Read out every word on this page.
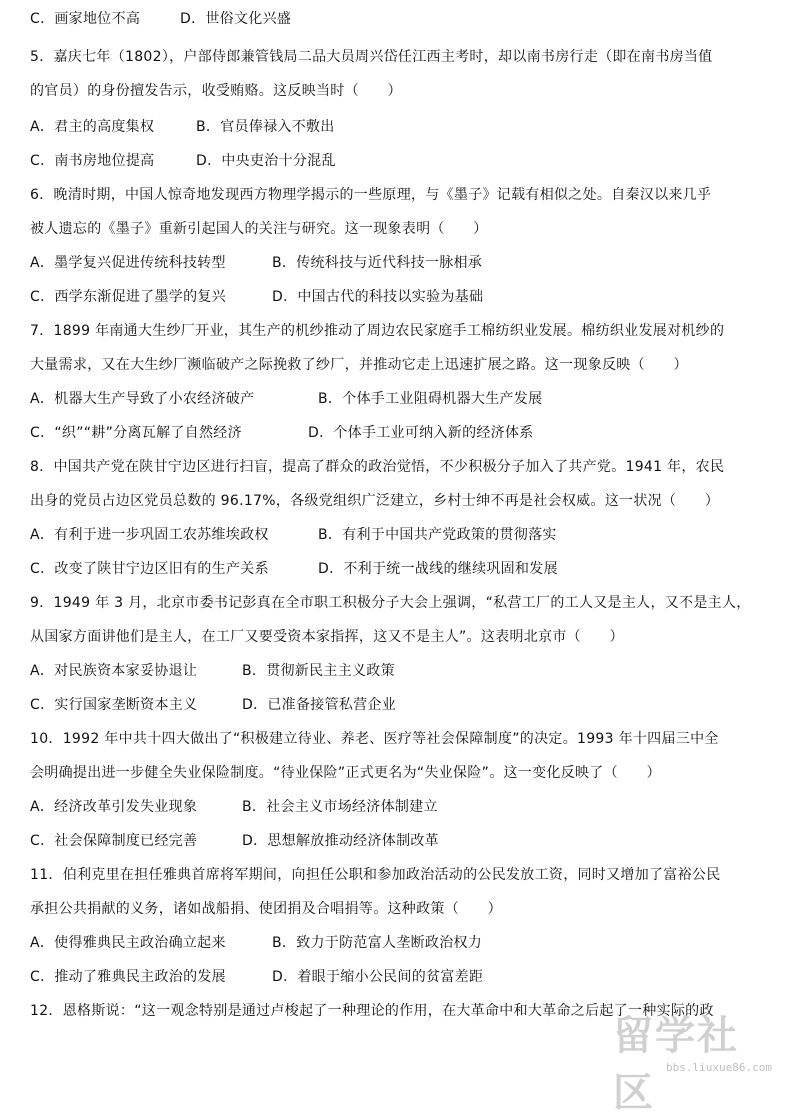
C．画家地位不高	D．世俗文化兴盛
5．嘉庆七年（1802），户部侍郎兼管钱局二品大员周兴岱任江西主考时，却以南书房行走（即在南书房当值
的官员）的身份擅发告示，收受贿赂。这反映当时（　　）
A．君主的高度集权	B．官员俸禄入不敷出
C．南书房地位提高	D．中央吏治十分混乱
6．晚清时期，中国人惊奇地发现西方物理学揭示的一些原理，与《墨子》记载有相似之处。自秦汉以来几乎
被人遗忘的《墨子》重新引起国人的关注与研究。这一现象表明（　　）
A．墨学复兴促进传统科技转型	B．传统科技与近代科技一脉相承
C．西学东渐促进了墨学的复兴	D．中国古代的科技以实验为基础
7．1899 年南通大生纱厂开业，其生产的机纱推动了周边农民家庭手工棉纺织业发展。棉纺织业发展对机纱的
大量需求，又在大生纱厂濒临破产之际挽救了纱厂，并推动它走上迅速扩展之路。这一现象反映（　　）
A．机器大生产导致了小农经济破产	B．个体手工业阻碍机器大生产发展
C．“织”“耕”分离瓦解了自然经济	D．个体手工业可纳入新的经济体系
8．中国共产党在陕甘宁边区进行扫盲，提高了群众的政治觉悟，不少积极分子加入了共产党。1941 年，农民
出身的党员占边区党员总数的 96.17%，各级党组织广泛建立，乡村士绅不再是社会权威。这一状况（　　）
A．有利于进一步巩固工农苏维埃政权	B．有利于中国共产党政策的贯彻落实
C．改变了陕甘宁边区旧有的生产关系	D．不利于统一战线的继续巩固和发展
9．1949 年 3 月，北京市委书记彭真在全市职工积极分子大会上强调，“私营工厂的工人又是主人，又不是主人，
从国家方面讲他们是主人，在工厂又要受资本家指挥，这又不是主人”。这表明北京市（　　）
A．对民族资本家妥协退让	B．贯彻新民主主义政策
C．实行国家垄断资本主义	D．已准备接管私营企业
10．1992 年中共十四大做出了“积极建立待业、养老、医疗等社会保障制度”的决定。1993 年十四届三中全
会明确提出进一步健全失业保险制度。“待业保险”正式更名为“失业保险”。这一变化反映了（　　）
A．经济改革引发失业现象	B．社会主义市场经济体制建立
C．社会保障制度已经完善	D．思想解放推动经济体制改革
11．伯利克里在担任雅典首席将军期间，向担任公职和参加政治活动的公民发放工资，同时又增加了富裕公民
承担公共捐献的义务，诸如战船捐、使团捐及合唱捐等。这种政策（　　）
A．使得雅典民主政治确立起来	B．致力于防范富人垄断政治权力
C．推动了雅典民主政治的发展	D．着眼于缩小公民间的贫富差距
12．恩格斯说：“这一观念特别是通过卢梭起了一种理论的作用，在大革命中和大革命之后起了一种实际的政
留学社区
bbs.liuxue86.com
